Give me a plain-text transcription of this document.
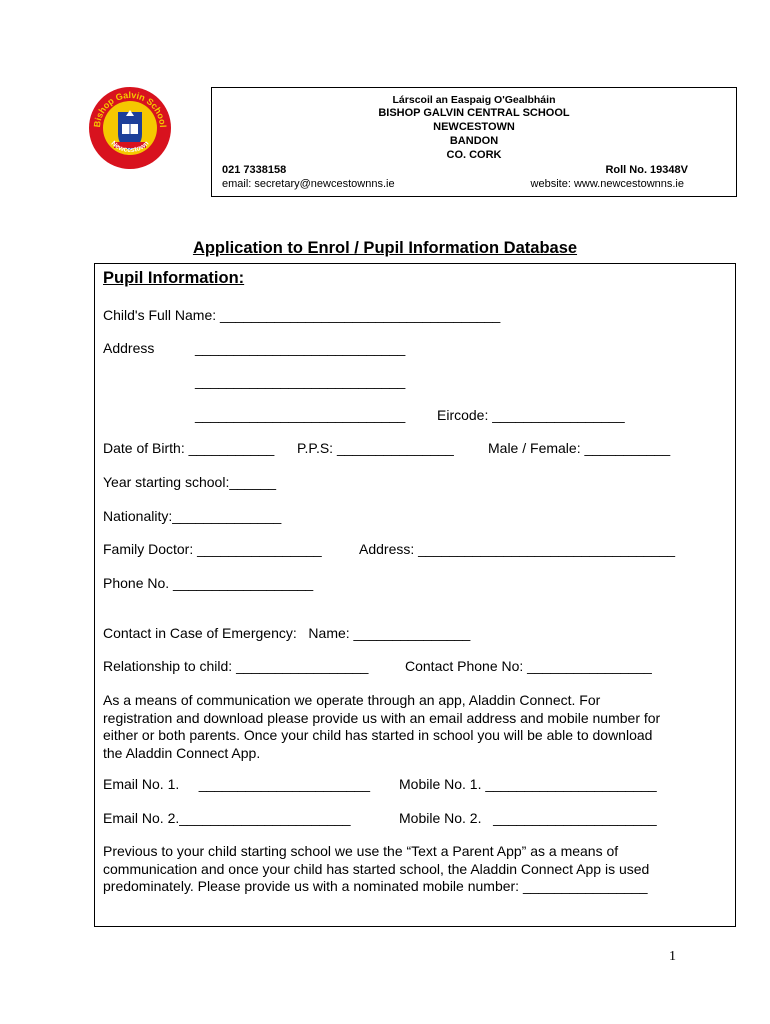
Bishop Galvin School
Newcestown
Lárscoil an Easpaig O'Gealbháin
BISHOP GALVIN CENTRAL SCHOOL
NEWCESTOWN
BANDON
CO. CORK
021 7338158	Roll No. 19348V
email: secretary@newcestownns.ie	website: www.newcestownns.ie
Application to Enrol / Pupil Information Database
Pupil Information:
Child's Full Name: ____________________________________
Address	___________________________
___________________________
___________________________ Eircode: _________________
Date of Birth: ___________ P.P.S: _______________ Male / Female: ___________
Year starting school:______
Nationality:______________
Family Doctor: ________________	Address: _________________________________
Phone No. __________________
Contact in Case of Emergency:   Name: _______________
Relationship to child: _________________	Contact Phone No: ________________
As a means of communication we operate through an app, Aladdin Connect. For
registration and download please provide us with an email address and mobile number for
either or both parents. Once your child has started in school you will be able to download
the Aladdin Connect App.
Email No. 1.     ______________________ Mobile No. 1. ______________________
Email No. 2.______________________	Mobile No. 2.   _____________________
Previous to your child starting school we use the “Text a Parent App” as a means of
communication and once your child has started school, the Aladdin Connect App is used
predominately. Please provide us with a nominated mobile number: ________________
1
